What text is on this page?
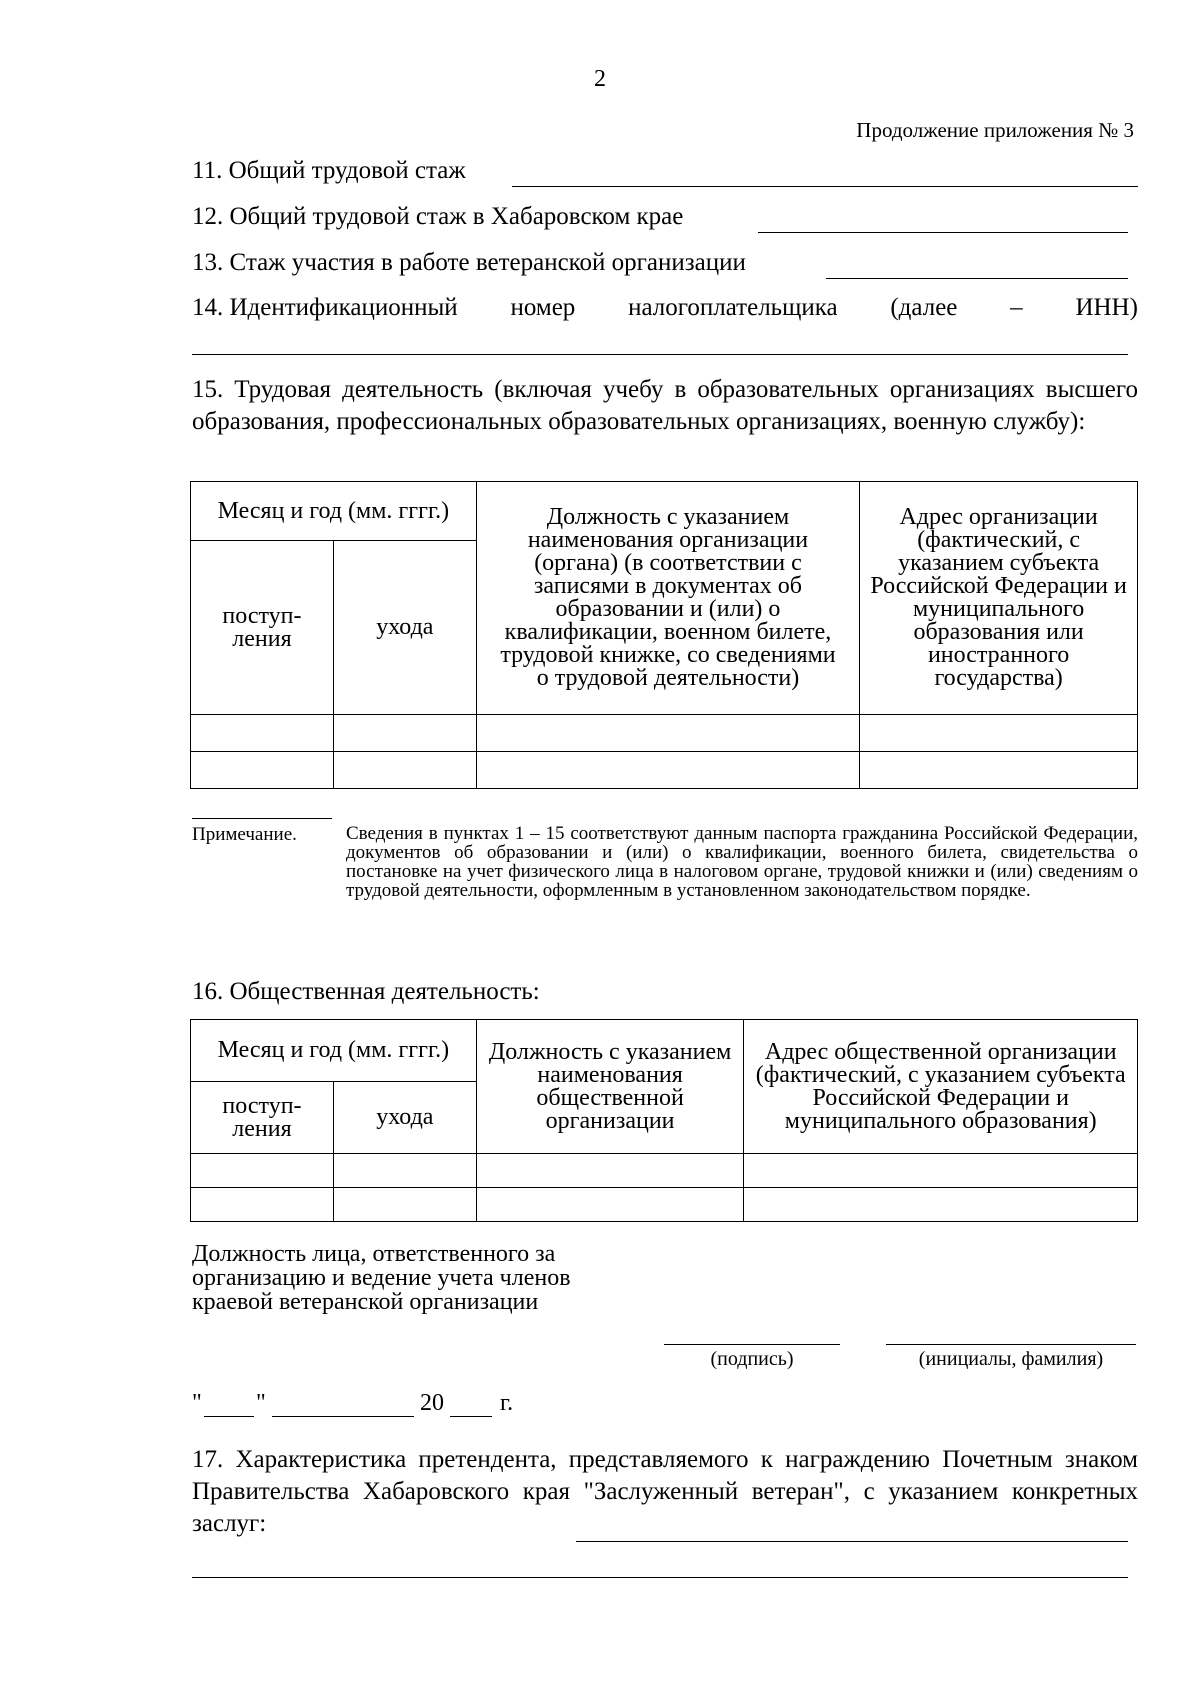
2
Продолжение приложения № 3
11. Общий трудовой стаж
12. Общий трудовой стаж в Хабаровском крае
13. Стаж участия в работе ветеранской организации
14. Идентификационный номер налогоплательщика (далее – ИНН)
15. Трудовая деятельность (включая учебу в образовательных организациях высшего образования, профессиональных образовательных организациях, военную службу):
Месяц и год (мм. гггг.)		Должность с указанием наименования организации (органа) (в соответствии с записями в документах об образовании и (или) о квалификации, военном билете, трудовой книжке, со сведениями о трудовой деятельности)	Адрес организации (фактический, с указанием субъекта Российской Федерации и муниципального образования или иностранного государства)
поступ-ления	ухода		

Примечание.	Сведения в пунктах 1 – 15 соответствуют данным паспорта гражданина Российской Федерации, документов об образовании и (или) о квалификации, военного билета, свидетельства о постановке на учет физического лица в налоговом органе, трудовой книжки и (или) сведениям о трудовой деятельности, оформленным в установленном законодательством порядке.
16. Общественная деятельность:
Месяц и год (мм. гггг.)		Должность с указанием наименования общественной организации	Адрес общественной организации (фактический, с указанием субъекта Российской Федерации и муниципального образования)
поступ-ления	ухода		

Должность лица, ответственного за организацию и ведение учета членов краевой ветеранской организации
(подпись)	(инициалы, фамилия)
" "	20 г.
17. Характеристика претендента, представляемого к награждению Почетным знаком Правительства Хабаровского края "Заслуженный ветеран", с указанием конкретных заслуг:
